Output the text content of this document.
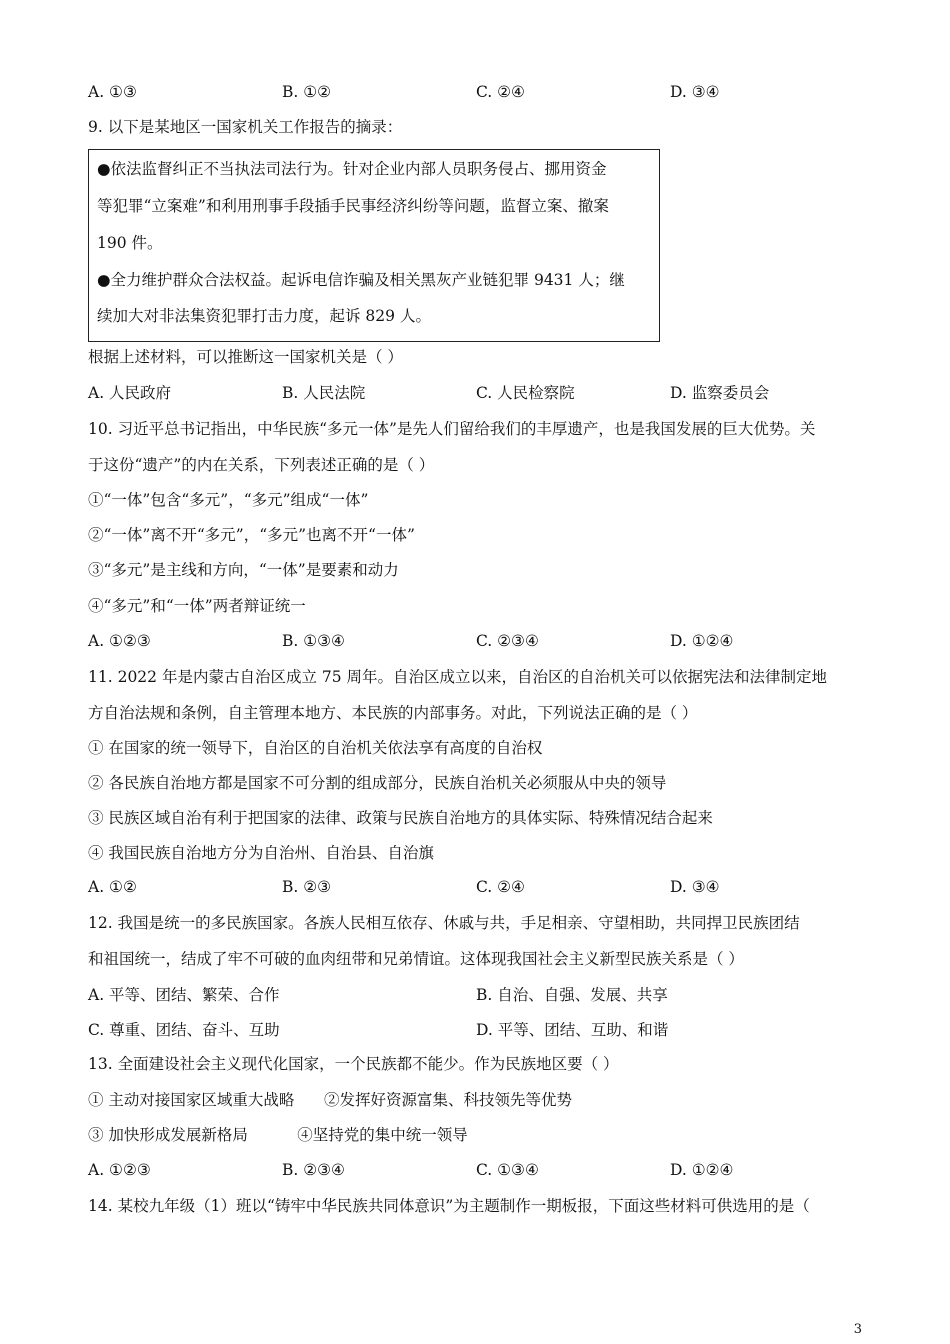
A. ①③	B. ①②	C. ②④	D. ③④
9. 以下是某地区一国家机关工作报告的摘录：
●依法监督纠正不当执法司法行为。针对企业内部人员职务侵占、挪用资金
等犯罪“立案难”和利用刑事手段插手民事经济纠纷等问题，监督立案、撤案
190 件。
●全力维护群众合法权益。起诉电信诈骗及相关黑灰产业链犯罪 9431 人；继
续加大对非法集资犯罪打击力度，起诉 829 人。
根据上述材料，可以推断这一国家机关是（ ）
A. 人民政府	B. 人民法院	C. 人民检察院	D. 监察委员会
10. 习近平总书记指出，中华民族“多元一体”是先人们留给我们的丰厚遗产，也是我国发展的巨大优势。关
于这份“遗产”的内在关系，下列表述正确的是（ ）
①“一体”包含“多元”，“多元”组成“一体”
②“一体”离不开“多元”，“多元”也离不开“一体”
③“多元”是主线和方向，“一体”是要素和动力
④“多元”和“一体”两者辩证统一
A. ①②③	B. ①③④	C. ②③④	D. ①②④
11. 2022 年是内蒙古自治区成立 75 周年。自治区成立以来，自治区的自治机关可以依据宪法和法律制定地
方自治法规和条例，自主管理本地方、本民族的内部事务。对此，下列说法正确的是（ ）
① 在国家的统一领导下，自治区的自治机关依法享有高度的自治权
② 各民族自治地方都是国家不可分割的组成部分，民族自治机关必须服从中央的领导
③ 民族区域自治有利于把国家的法律、政策与民族自治地方的具体实际、特殊情况结合起来
④ 我国民族自治地方分为自治州、自治县、自治旗
A. ①②	B. ②③	C. ②④	D. ③④
12. 我国是统一的多民族国家。各族人民相互依存、休戚与共，手足相亲、守望相助，共同捍卫民族团结
和祖国统一，结成了牢不可破的血肉纽带和兄弟情谊。这体现我国社会主义新型民族关系是（ ）
A. 平等、团结、繁荣、合作	B. 自治、自强、发展、共享
C. 尊重、团结、奋斗、互助	D. 平等、团结、互助、和谐
13. 全面建设社会主义现代化国家，一个民族都不能少。作为民族地区要（ ）
① 主动对接国家区域重大战略      ②发挥好资源富集、科技领先等优势
③ 加快形成发展新格局          ④坚持党的集中统一领导
A. ①②③	B. ②③④	C. ①③④	D. ①②④
14. 某校九年级（1）班以“铸牢中华民族共同体意识”为主题制作一期板报，下面这些材料可供选用的是（
3
